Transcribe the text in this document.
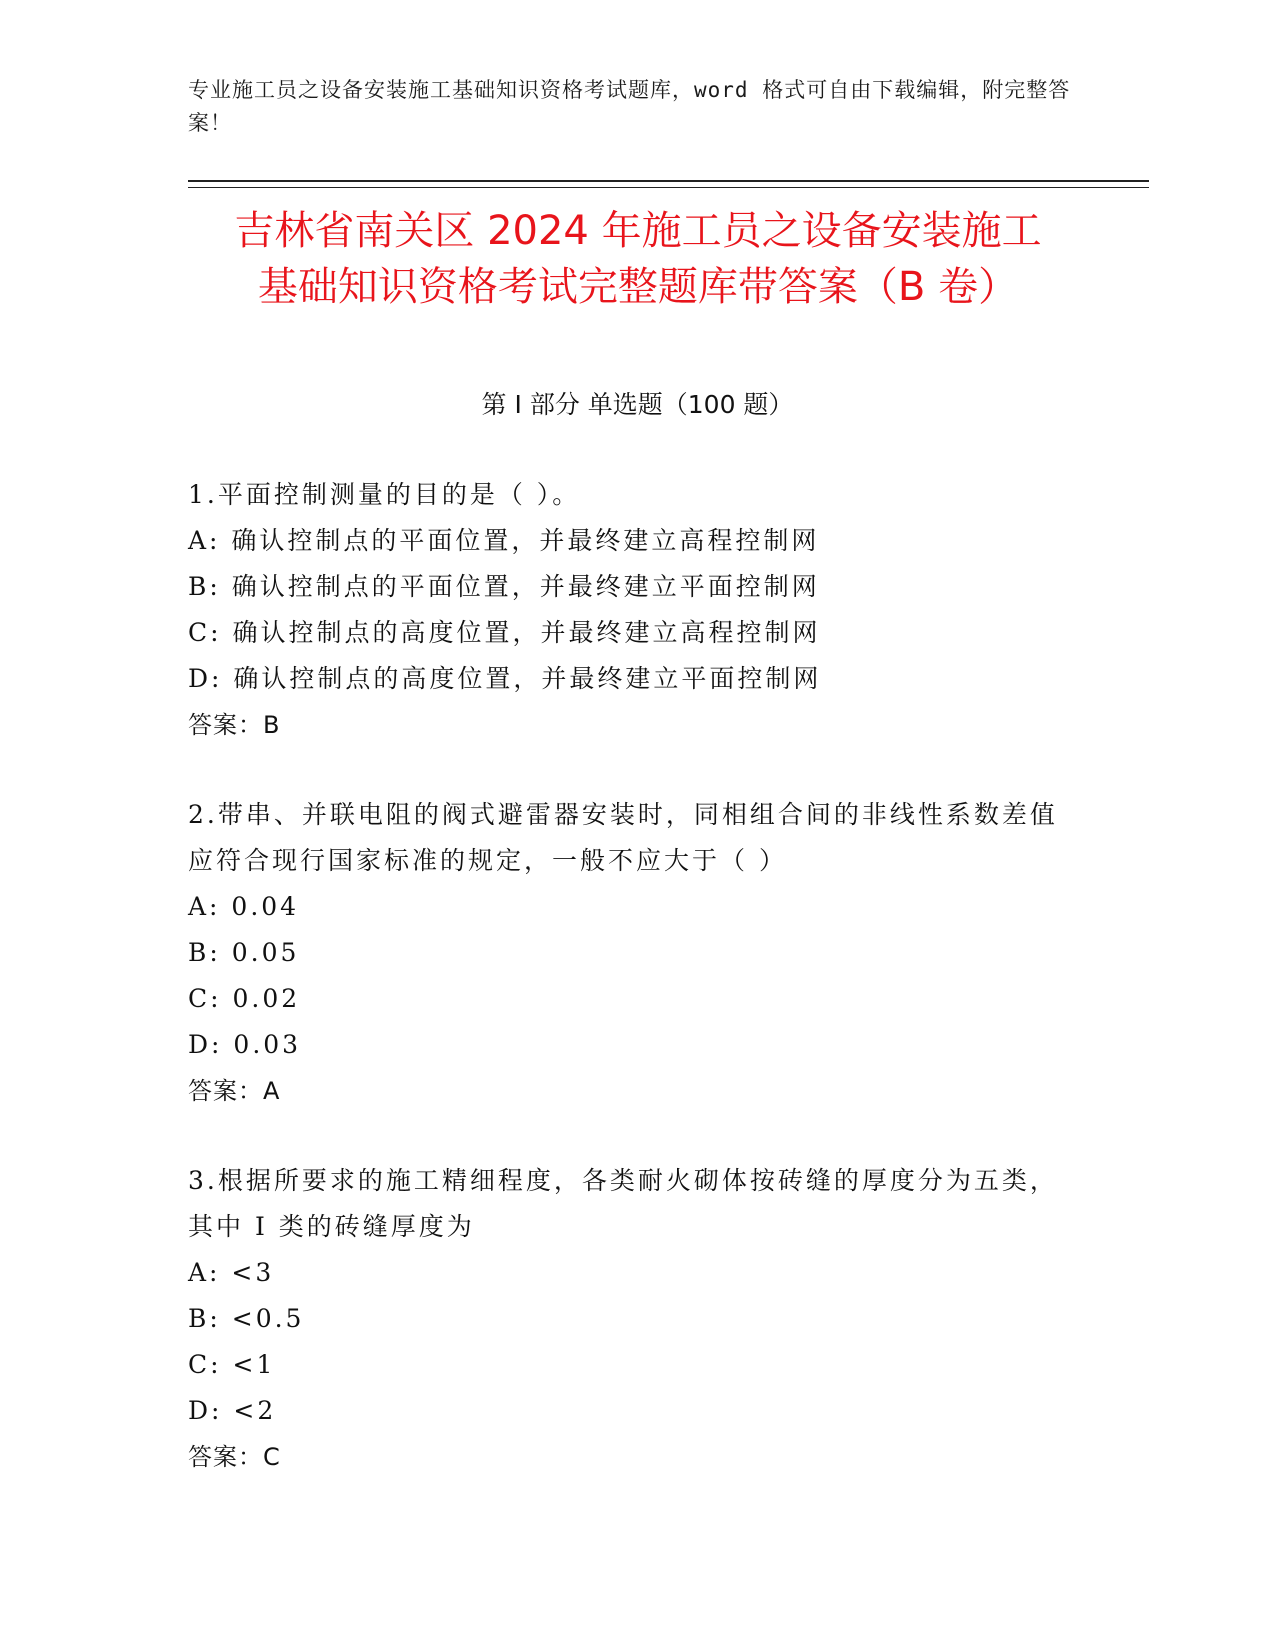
专业施工员之设备安装施工基础知识资格考试题库，word 格式可自由下载编辑，附完整答案！
吉林省南关区 2024 年施工员之设备安装施工
基础知识资格考试完整题库带答案（B 卷）
第 I 部分 单选题（100 题）
1.平面控制测量的目的是（ ）。
A: 确认控制点的平面位置，并最终建立高程控制网
B: 确认控制点的平面位置，并最终建立平面控制网
C: 确认控制点的高度位置，并最终建立高程控制网
D: 确认控制点的高度位置，并最终建立平面控制网
答案：B
2.带串、并联电阻的阀式避雷器安装时，同相组合间的非线性系数差值应符合现行国家标准的规定，一般不应大于（ ）
A: 0.04
B: 0.05
C: 0.02
D: 0.03
答案：A
3.根据所要求的施工精细程度，各类耐火砌体按砖缝的厚度分为五类，其中 I 类的砖缝厚度为
A: <3
B: <0.5
C: <1
D: <2
答案：C
